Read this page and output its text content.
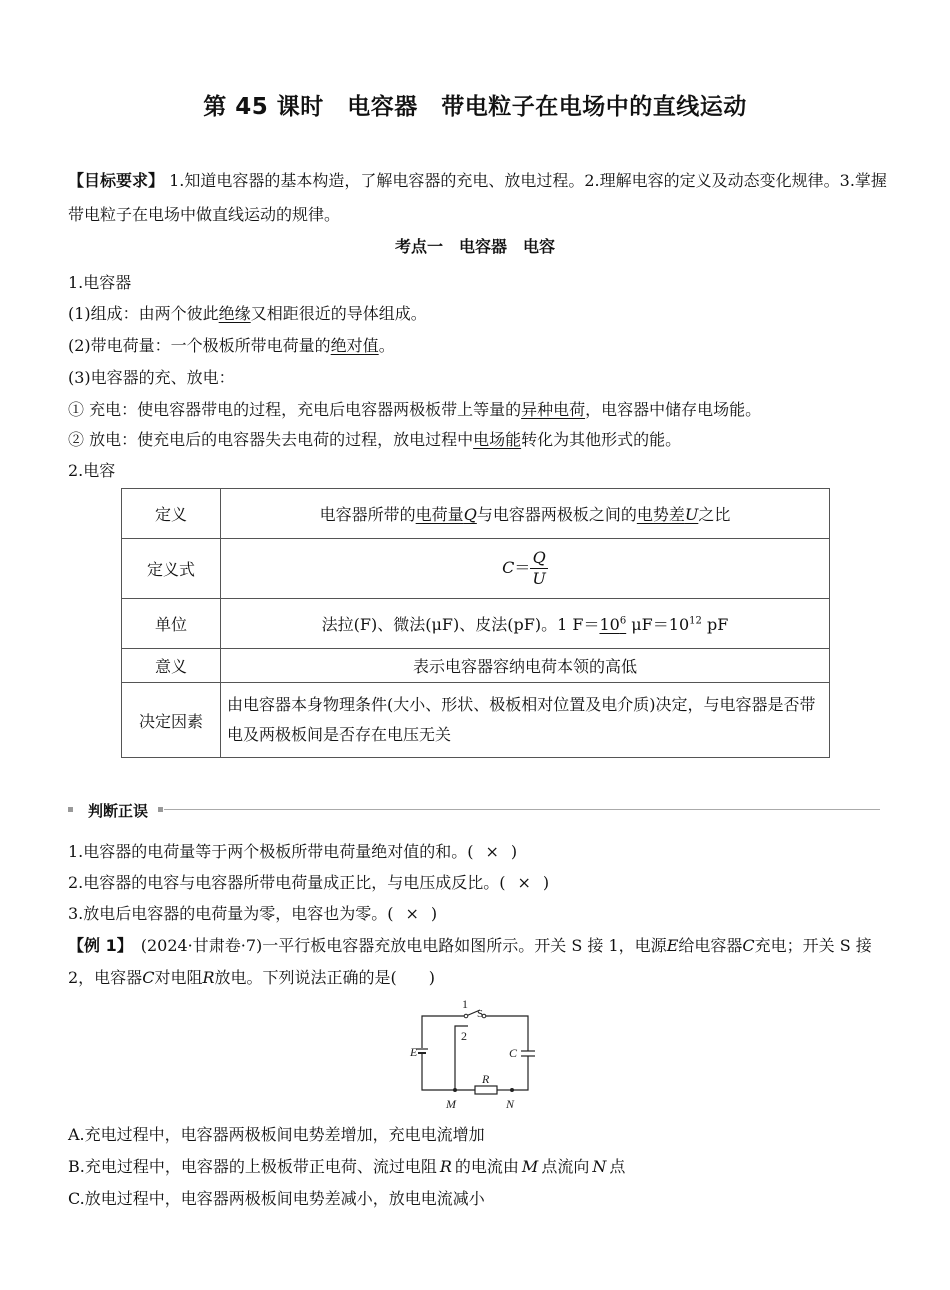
第 45 课时　电容器　带电粒子在电场中的直线运动
【目标要求】 1.知道电容器的基本构造，了解电容器的充电、放电过程。2.理解电容的定义及动态变化规律。3.掌握带电粒子在电场中做直线运动的规律。
考点一　电容器　电容
1.电容器
(1)组成：由两个彼此绝缘又相距很近的导体组成。
(2)带电荷量：一个极板所带电荷量的绝对值。
(3)电容器的充、放电：
① 充电：使电容器带电的过程，充电后电容器两极板带上等量的异种电荷，电容器中储存电场能。
② 放电：使充电后的电容器失去电荷的过程，放电过程中电场能转化为其他形式的能。
2.电容
定义	电容器所带的电荷量Q与电容器两极板之间的电势差U之比
定义式	$C= \frac{Q}{U}$

单位	法拉(F)、微法(μF)、皮法(pF)。1 $F=10^6$ $\mu F=10^{12}$ pF
意义	表示电容器容纳电荷本领的高低
决定因素	由电容器本身物理条件(大小、形状、极板相对位置及电介质)决定，与电容器是否带电及两极板间是否存在电压无关
判断正误
1.电容器的电荷量等于两个极板所带电荷量绝对值的和。( × )
2.电容器的电容与电容器所带电荷量成正比，与电压成反比。( × )
3.放电后电容器的电荷量为零，电容也为零。( × )
【例 1】　(2024·甘肃卷·7)一平行板电容器充放电电路如图所示。开关 S 接 1，电源E给电容器C充电；开关 S 接 2，电容器C对电阻R放电。下列说法正确的是(　　)
1
S
2
E	C
R
M	N
A.充电过程中，电容器两极板间电势差增加，充电电流增加
B.充电过程中，电容器的上极板带正电荷、流过电阻 R 的电流由 M 点流向 N 点
C.放电过程中，电容器两极板间电势差减小，放电电流减小
